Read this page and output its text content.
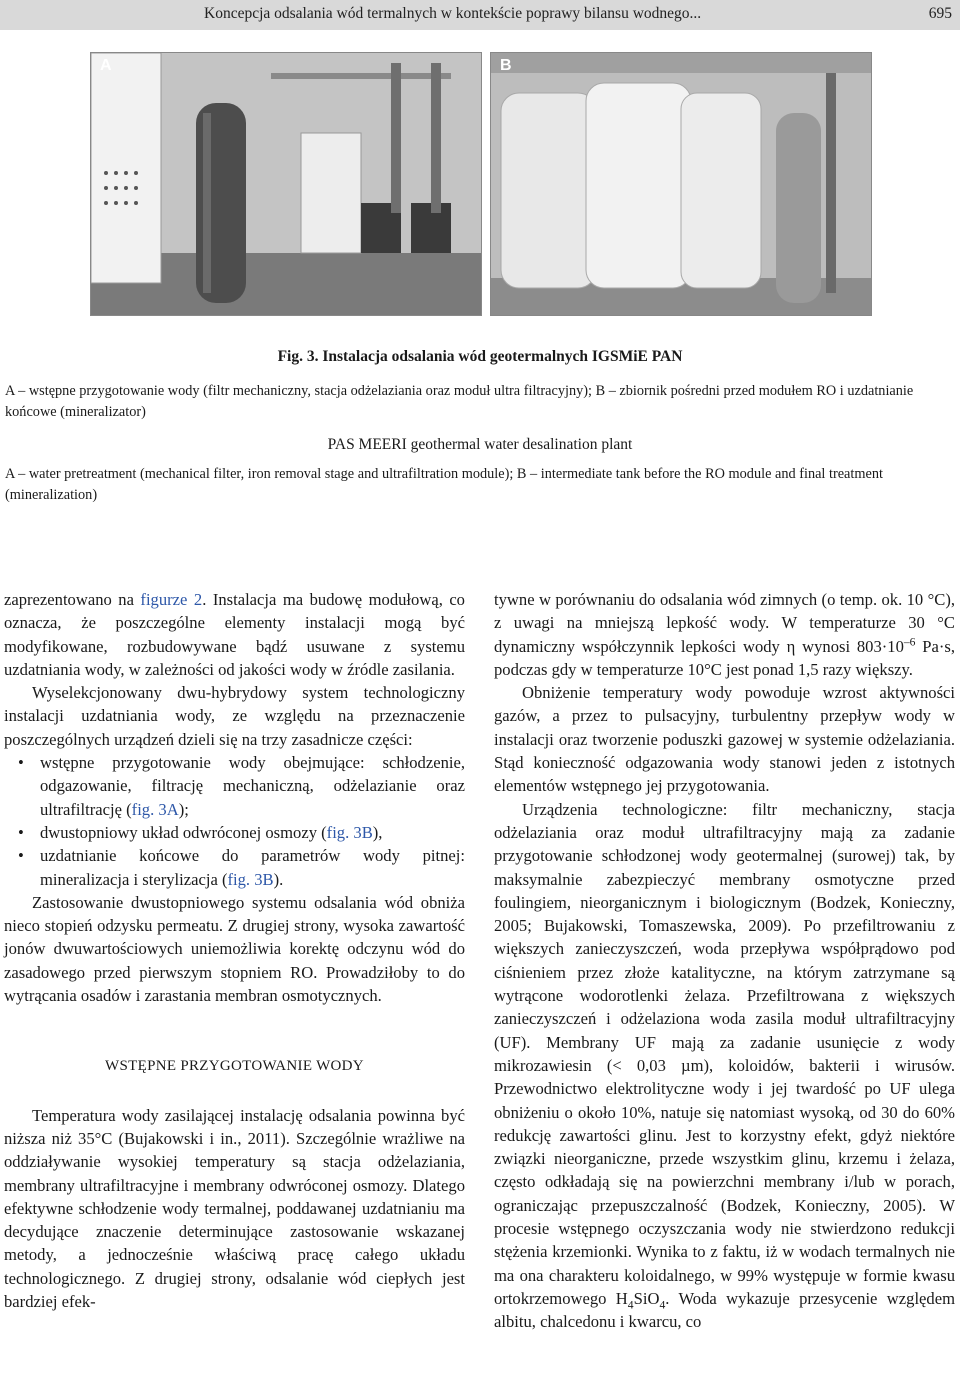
Koncepcja odsalania wód termalnych w kontekście poprawy bilansu wodnego...	695
A	B
Fig. 3. Instalacja odsalania wód geotermalnych IGSMiE PAN
A – wstępne przygotowanie wody (filtr mechaniczny, stacja odżelaziania oraz moduł ultra filtracyjny); B – zbiornik pośredni przed modułem RO i uzdatnianie końcowe (mineralizator)
PAS MEERI geothermal water desalination plant
A – water pretreatment (mechanical filter, iron removal stage and ultrafiltration module); B – intermediate tank before the RO module and final treatment (mineralization)

zaprezentowano na figurze 2. Instalacja ma budowę modułową, co oznacza, że poszczególne elementy instalacji mogą być modyfikowane, rozbudowywane bądź usuwane z systemu uzdatniania wody, w zależności od jakości wody w źródle zasilania.

Wyselekcjonowany dwu-hybrydowy system technologiczny instalacji uzdatniania wody, ze względu na przeznaczenie poszczególnych urządzeń dzieli się na trzy zasadnicze części:

• wstępne przygotowanie wody obejmujące: schłodzenie, odgazowanie, filtrację mechaniczną, odżelazianie oraz ultrafiltrację (fig. 3A);
• dwustopniowy układ odwróconej osmozy (fig. 3B),
• uzdatnianie końcowe do parametrów wody pitnej: mineralizacja i sterylizacja (fig. 3B).

Zastosowanie dwustopniowego systemu odsalania wód obniża nieco stopień odzysku permeatu. Z drugiej strony, wysoka zawartość jonów dwuwartościowych uniemożliwia korektę odczynu wód do zasadowego przed pierwszym stopniem RO. Prowadziłoby to do wytrącania osadów i zarastania membran osmotycznych.

WSTĘPNE PRZYGOTOWANIE WODY

Temperatura wody zasilającej instalację odsalania powinna być niższa niż 35°C (Bujakowski i in., 2011). Szczególnie wrażliwe na oddziaływanie wysokiej temperatury są stacja odżelaziania, membrany ultrafiltracyjne i membrany odwróconej osmozy. Dlatego efektywne schłodzenie wody termalnej, poddawanej uzdatnianiu ma decydujące znaczenie determinujące zastosowanie wskazanej metody, a jednocześnie właściwą pracę całego układu technologicznego. Z drugiej strony, odsalanie wód ciepłych jest bardziej efek-

tywne w porównaniu do odsalania wód zimnych (o temp. ok. 10 °C), z uwagi na mniejszą lepkość wody. W temperaturze 30 °C dynamiczny współczynnik lepkości wody η wynosi $803\cdot 10^{-6}$ Pa·s, podczas gdy w temperaturze 10°C jest ponad 1,5 razy większy.

Obniżenie temperatury wody powoduje wzrost aktywności gazów, a przez to pulsacyjny, turbulentny przepływ wody w instalacji oraz tworzenie poduszki gazowej w systemie odżelaziania. Stąd konieczność odgazowania wody stanowi jeden z istotnych elementów wstępnego jej przygotowania.

Urządzenia technologiczne: filtr mechaniczny, stacja odżelaziania oraz moduł ultrafiltracyjny mają za zadanie przygotowanie schłodzonej wody geotermalnej (surowej) tak, by maksymalnie zabezpieczyć membrany osmotyczne przed foulingiem, nieorganicznym i biologicznym (Bodzek, Konieczny, 2005; Bujakowski, Tomaszewska, 2009). Po przefiltrowaniu z większych zanieczyszczeń, woda przepływa współprądowo pod ciśnieniem przez złoże katalityczne, na którym zatrzymane są wytrącone wodorotlenki żelaza. Przefiltrowana z większych zanieczyszczeń i odżelaziona woda zasila moduł ultrafiltracyjny (UF). Membrany UF mają za zadanie usunięcie z wody mikrozawiesin (< 0,03 µm), koloidów, bakterii i wirusów. Przewodnictwo elektrolityczne wody i jej twardość po UF ulega obniżeniu o około 10%, natuje się natomiast wysoką, od 30 do 60% redukcję zawartości glinu. Jest to korzystny efekt, gdyż niektóre związki nieorganiczne, przede wszystkim glinu, krzemu i żelaza, często odkładają się na powierzchni membrany i/lub w porach, ograniczając przepuszczalność (Bodzek, Konieczny, 2005). W procesie wstępnego oczyszczania wody nie stwierdzono redukcji stężenia krzemionki. Wynika to z faktu, iż w wodach termalnych nie ma ona charakteru koloidalnego, w 99% występuje w formie kwasu ortokrzemowego $H_4SiO_4$. Woda wykazuje przesycenie względem albitu, chalcedonu i kwarcu, co
